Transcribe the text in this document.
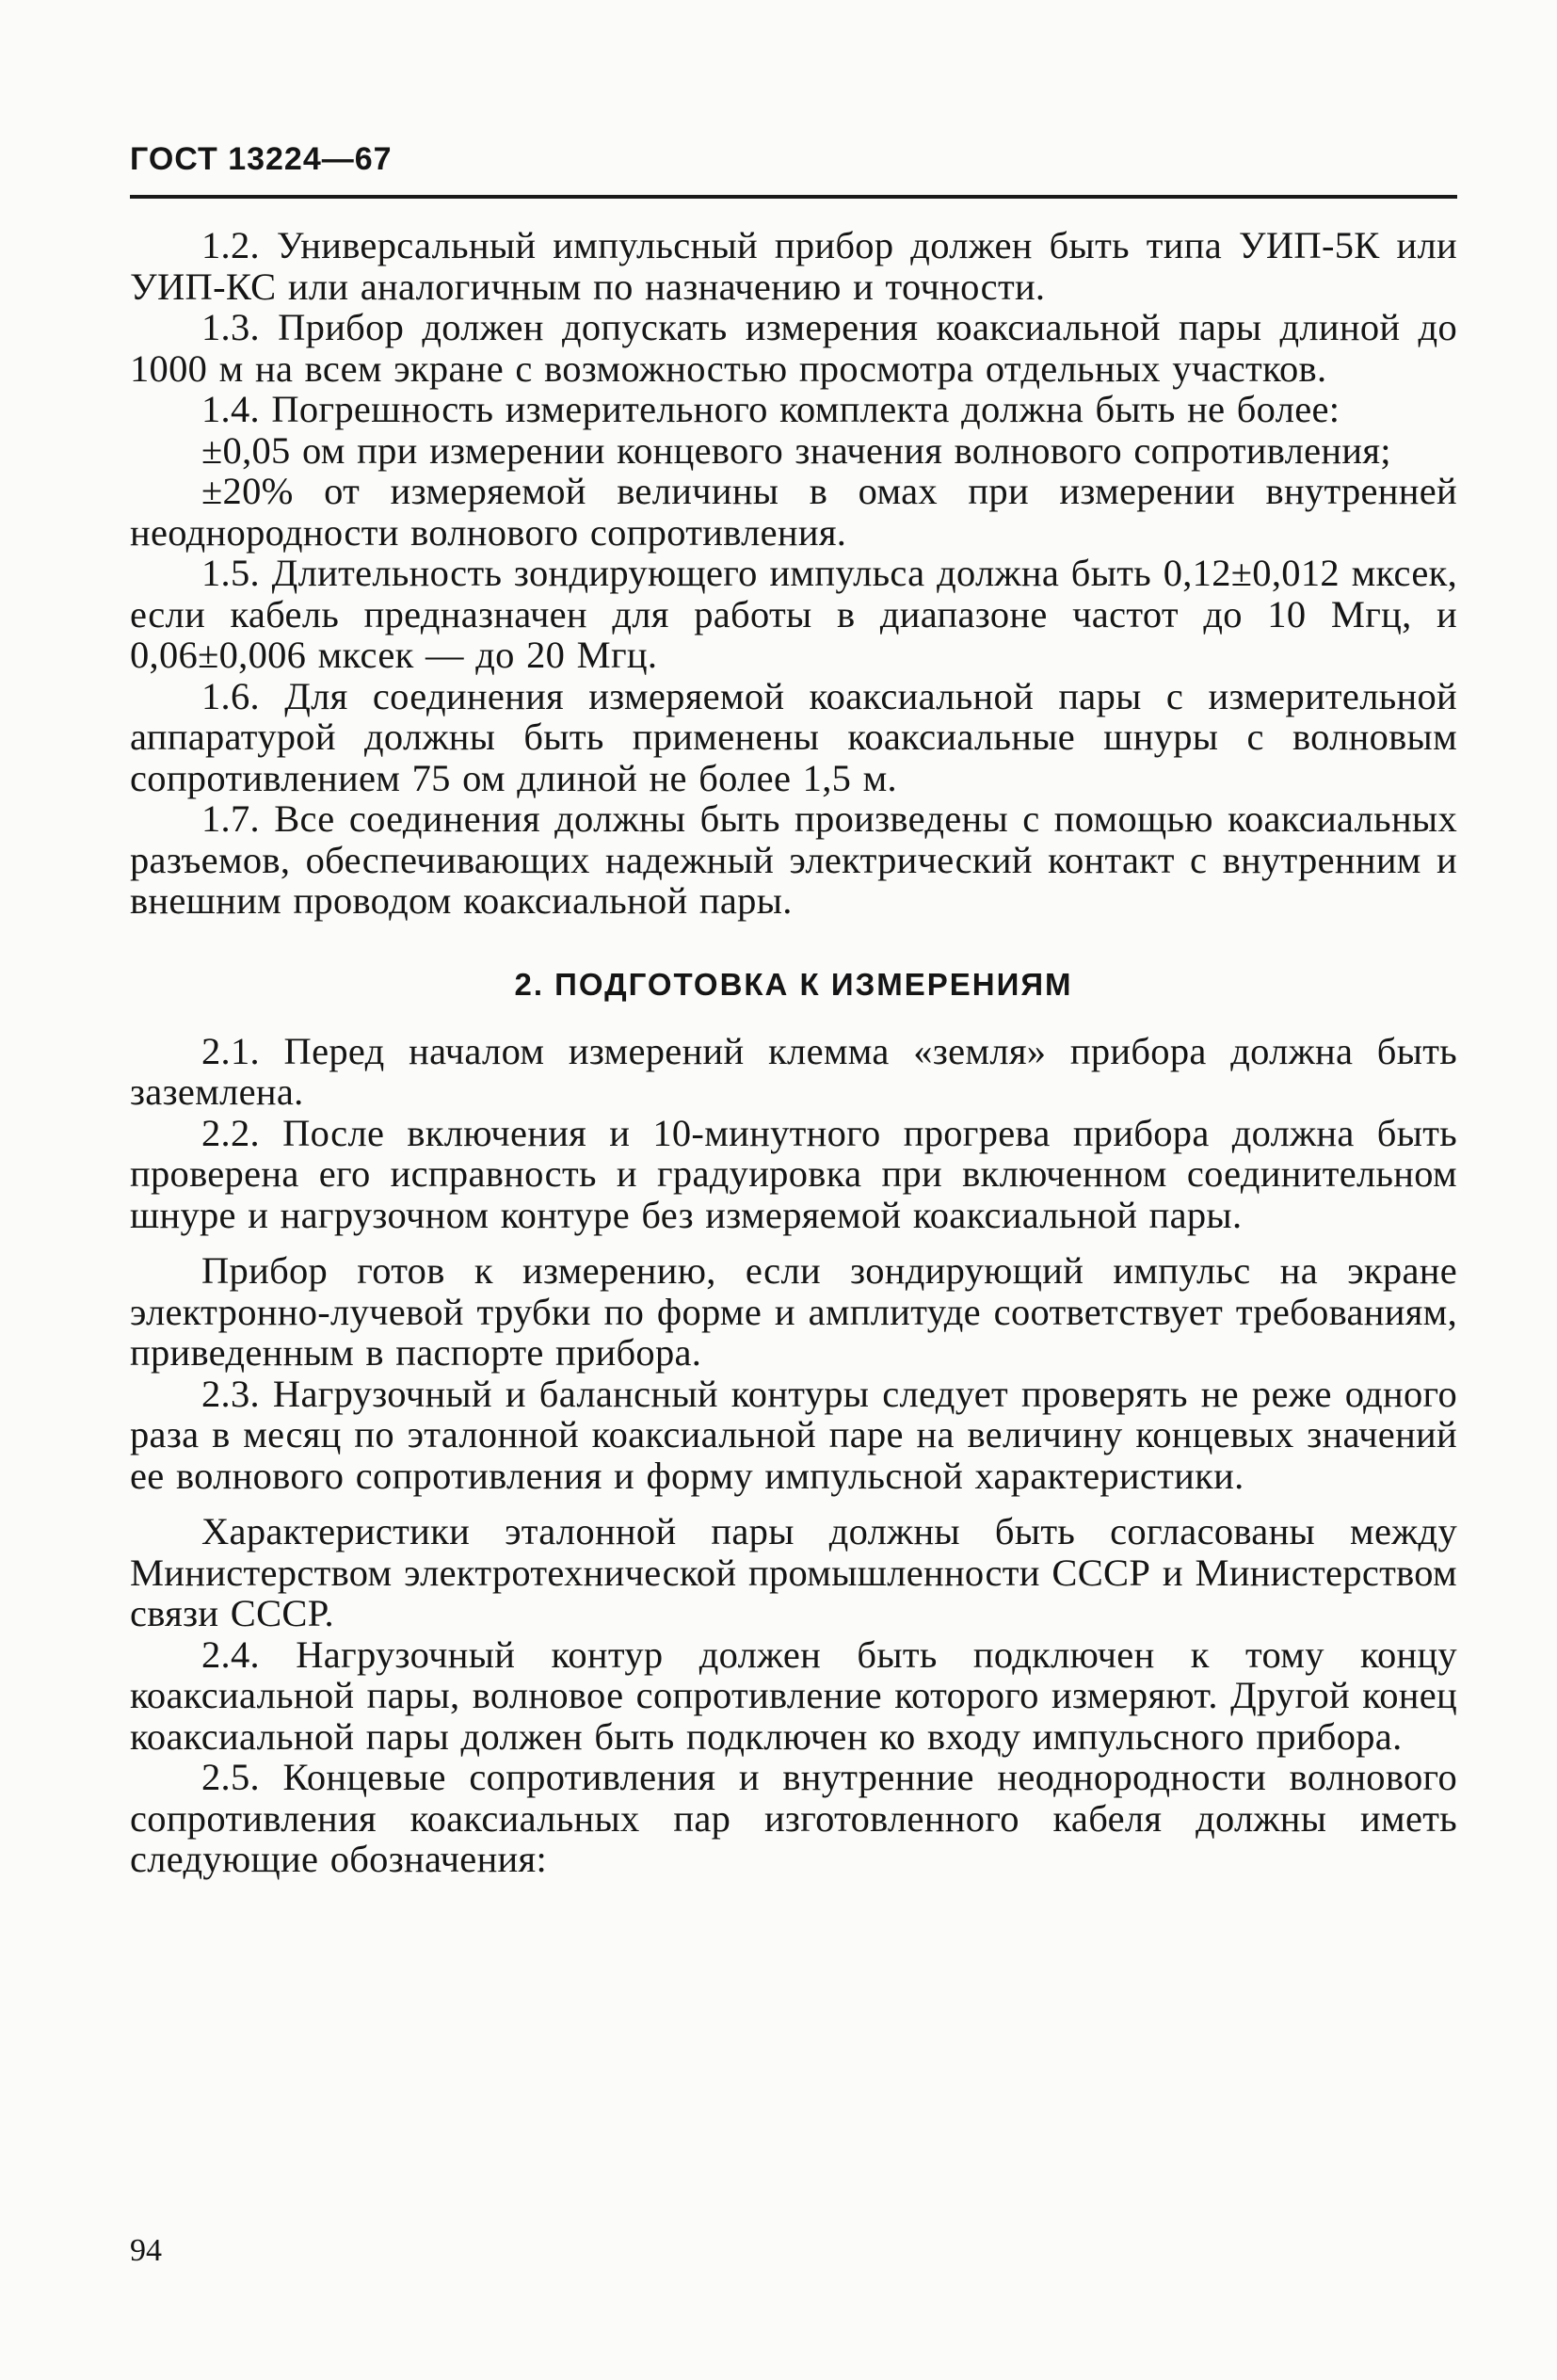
ГОСТ 13224—67

1.2. Универсальный импульсный прибор должен быть типа УИП-5К или УИП-КС или аналогичным по назначению и точности.

1.3. Прибор должен допускать измерения коаксиальной пары длиной до 1000 м на всем экране с возможностью просмотра отдельных участков.

1.4. Погрешность измерительного комплекта должна быть не более:

±0,05 ом при измерении концевого значения волнового сопротивления;

±20% от измеряемой величины в омах при измерении внутренней неоднородности волнового сопротивления.

1.5. Длительность зондирующего импульса должна быть 0,12±0,012 мксек, если кабель предназначен для работы в диапазоне частот до 10 Мгц, и 0,06±0,006 мксек — до 20 Мгц.

1.6. Для соединения измеряемой коаксиальной пары с измерительной аппаратурой должны быть применены коаксиальные шнуры с волновым сопротивлением 75 ом длиной не более 1,5 м.

1.7. Все соединения должны быть произведены с помощью коаксиальных разъемов, обеспечивающих надежный электрический контакт с внутренним и внешним проводом коаксиальной пары.

2. ПОДГОТОВКА К ИЗМЕРЕНИЯМ

2.1. Перед началом измерений клемма «земля» прибора должна быть заземлена.

2.2. После включения и 10-минутного прогрева прибора должна быть проверена его исправность и градуировка при включенном соединительном шнуре и нагрузочном контуре без измеряемой коаксиальной пары.

Прибор готов к измерению, если зондирующий импульс на экране электронно-лучевой трубки по форме и амплитуде соответствует требованиям, приведенным в паспорте прибора.

2.3. Нагрузочный и балансный контуры следует проверять не реже одного раза в месяц по эталонной коаксиальной паре на величину концевых значений ее волнового сопротивления и форму импульсной характеристики.

Характеристики эталонной пары должны быть согласованы между Министерством электротехнической промышленности СССР и Министерством связи СССР.

2.4. Нагрузочный контур должен быть подключен к тому концу коаксиальной пары, волновое сопротивление которого измеряют. Другой конец коаксиальной пары должен быть подключен ко входу импульсного прибора.

2.5. Концевые сопротивления и внутренние неоднородности волнового сопротивления коаксиальных пар изготовленного кабеля должны иметь следующие обозначения:

94
